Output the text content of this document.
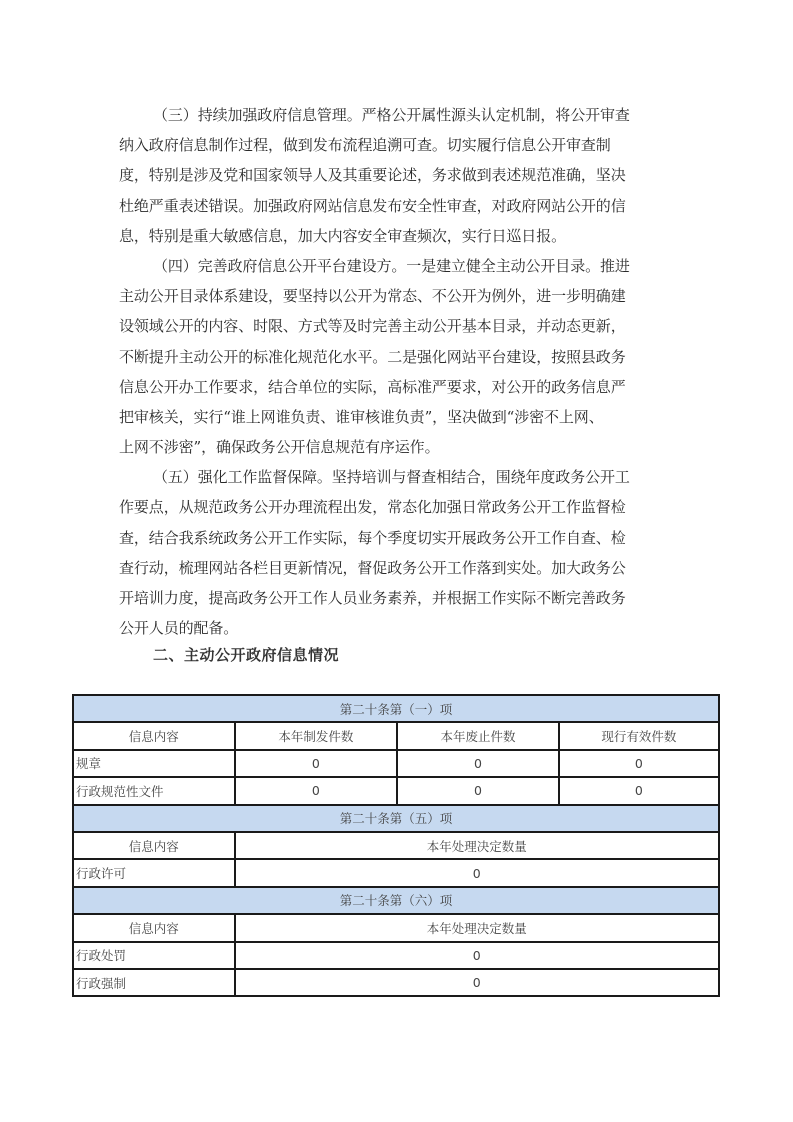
（三）持续加强政府信息管理。严格公开属性源头认定机制，将公开审查
纳入政府信息制作过程，做到发布流程追溯可查。切实履行信息公开审查制
度，特别是涉及党和国家领导人及其重要论述，务求做到表述规范准确，坚决
杜绝严重表述错误。加强政府网站信息发布安全性审查，对政府网站公开的信
息，特别是重大敏感信息，加大内容安全审查频次，实行日巡日报。
（四）完善政府信息公开平台建设方。一是建立健全主动公开目录。推进
主动公开目录体系建设，要坚持以公开为常态、不公开为例外，进一步明确建
设领域公开的内容、时限、方式等及时完善主动公开基本目录，并动态更新，
不断提升主动公开的标准化规范化水平。二是强化网站平台建设，按照县政务
信息公开办工作要求，结合单位的实际，高标准严要求，对公开的政务信息严
把审核关，实行“谁上网谁负责、谁审核谁负责”，坚决做到“涉密不上网、
上网不涉密”，确保政务公开信息规范有序运作。
（五）强化工作监督保障。坚持培训与督查相结合，围绕年度政务公开工
作要点，从规范政务公开办理流程出发，常态化加强日常政务公开工作监督检
查，结合我系统政务公开工作实际，每个季度切实开展政务公开工作自查、检
查行动，梳理网站各栏目更新情况，督促政务公开工作落到实处。加大政务公
开培训力度，提高政务公开工作人员业务素养，并根据工作实际不断完善政务
公开人员的配备。
二、主动公开政府信息情况
第二十条第（一）项			
信息内容	本年制发件数	本年废止件数	现行有效件数
规章	0	0	0
行政规范性文件	0	0	0
第二十条第（五）项			
信息内容	本年处理决定数量		
行政许可	0		
第二十条第（六）项			
信息内容	本年处理决定数量		
行政处罚	0		
行政强制	0		
